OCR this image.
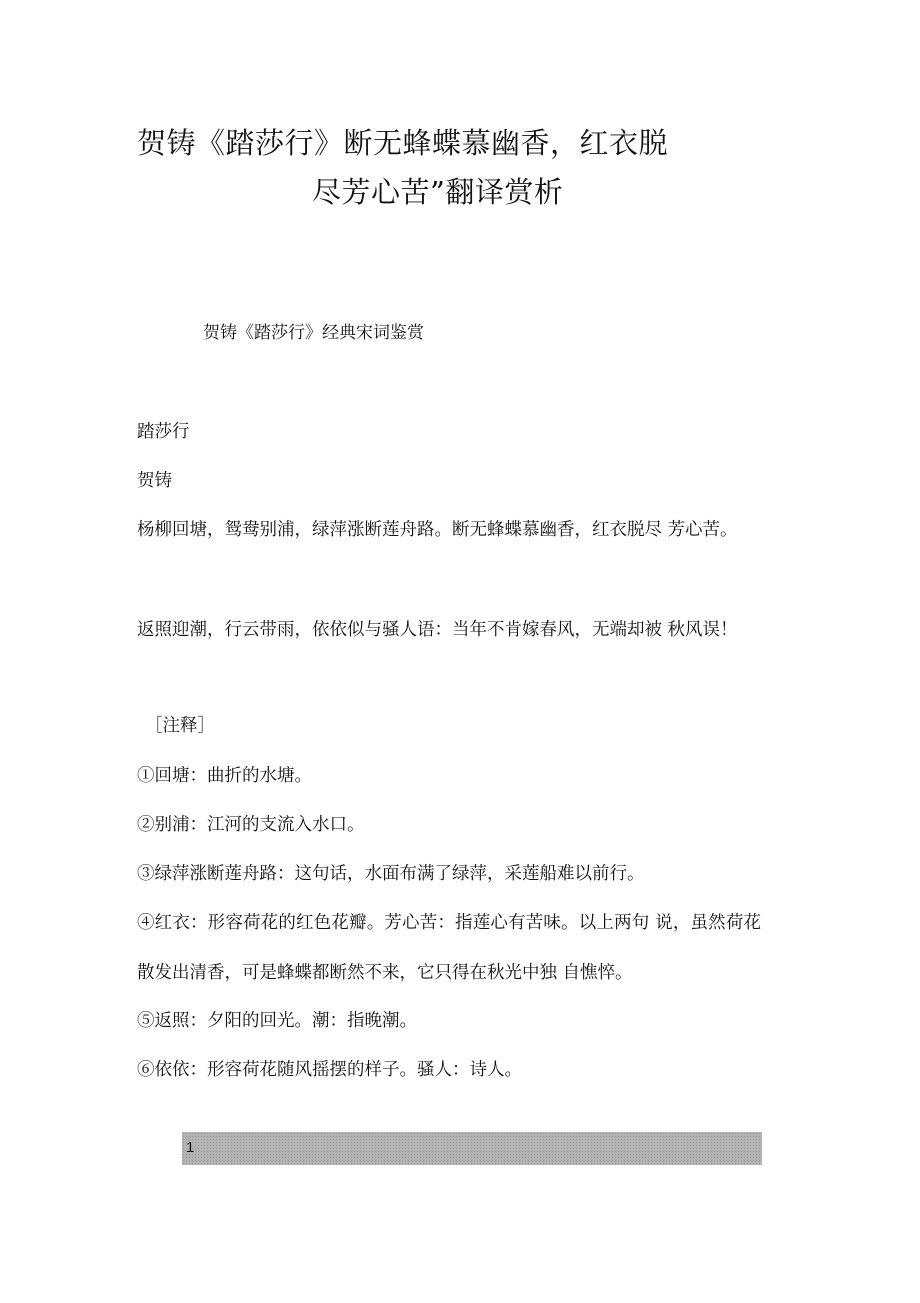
贺铸《踏莎行》断无蜂蝶慕幽香，红衣脱
尽芳心苦”翻译赏析
贺铸《踏莎行》经典宋词鉴赏
踏莎行
贺铸
杨柳回塘，鸳鸯别浦，绿萍涨断莲舟路。断无蜂蝶慕幽香，红衣脱尽 芳心苦。
返照迎潮，行云带雨，依依似与骚人语：当年不肯嫁春风，无端却被 秋风误！
［注释］
①回塘：曲折的水塘。
②别浦：江河的支流入水口。
③绿萍涨断莲舟路：这句话，水面布满了绿萍，采莲船难以前行。
④红衣：形容荷花的红色花瓣。芳心苦：指莲心有苦味。以上两句 说，虽然荷花散发出清香，可是蜂蝶都断然不来，它只得在秋光中独 自憔悴。
⑤返照：夕阳的回光。潮：指晚潮。
⑥依依：形容荷花随风摇摆的样子。骚人：诗人。
1
